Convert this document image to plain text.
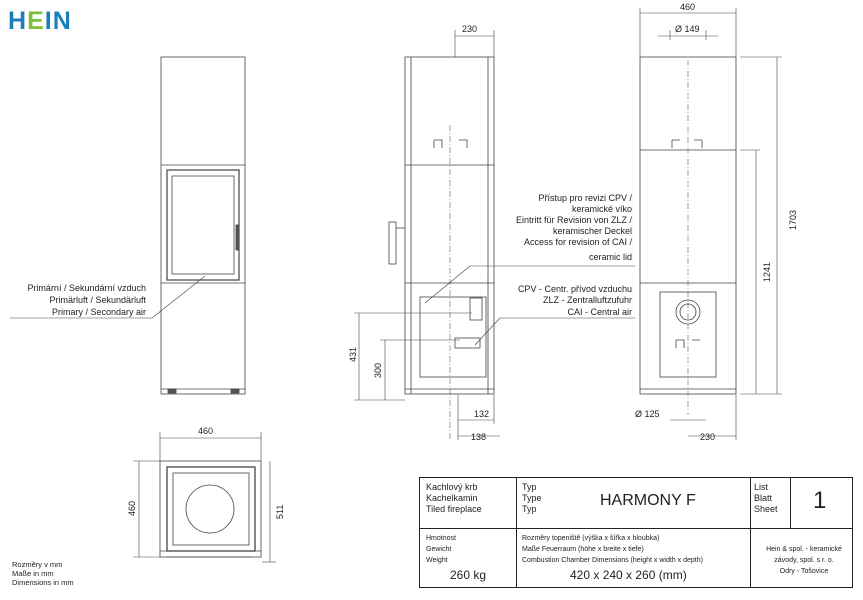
HEIN	230
460
Ø 149
1703
1241
431
300
132
138
Ø 125
230
460
460	511
Primární / Sekundární vzduch
Primärluft / Sekundärluft
Primary / Secondary air
Přístup pro revizi CPV /
keramické víko
Eintritt für Revision von ZLZ /
keramischer Deckel
Access for revision of CAI /
ceramic lid
CPV - Centr. přívod vzduchu
ZLZ - Zentralluftzufuhr
CAI - Central air
Rozměry v mm
Maße in mm
Dimensions in mm
Kachlový krb
Kachelkamin
Tiled fireplace
Typ
Type
Typ	HARMONY F
List
Blatt
Sheet 1
Hmotnost
Gewicht
Weight
260 kg
Rozměry topeniště (výška x šířka x hloubka)
Maße Feuerraum (höhe x breite x tiefe)
Combustion Chamber Dimensions (height x width x depth)
420 x 240 x 260 (mm)
Hein & spol. - keramické
závody, spol. s r. o.
Odry - Tošovice
